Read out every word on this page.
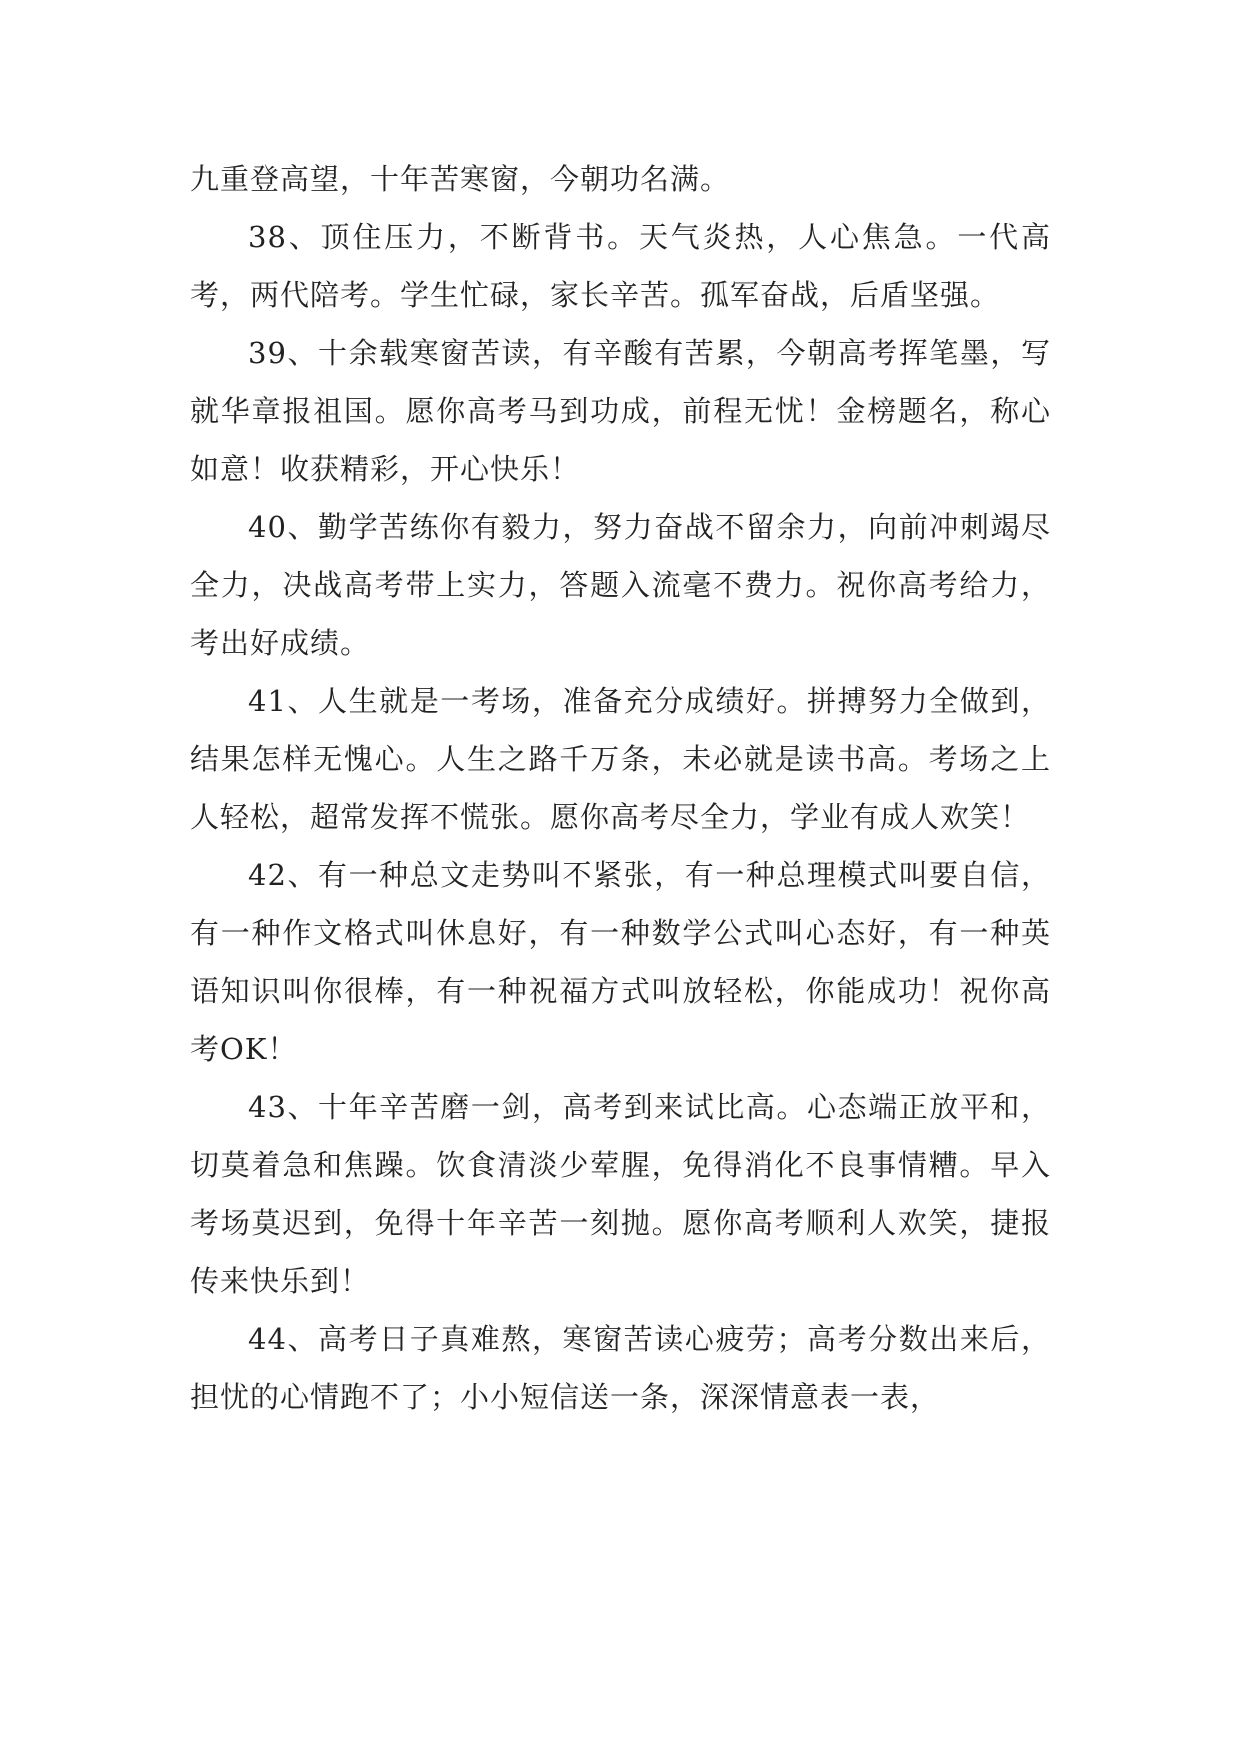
九重登高望，十年苦寒窗，今朝功名满。

38、顶住压力，不断背书。天气炎热，人心焦急。一代高考，两代陪考。学生忙碌，家长辛苦。孤军奋战，后盾坚强。

39、十余载寒窗苦读，有辛酸有苦累，今朝高考挥笔墨，写就华章报祖国。愿你高考马到功成，前程无忧！金榜题名，称心如意！收获精彩，开心快乐！

40、勤学苦练你有毅力，努力奋战不留余力，向前冲刺竭尽全力，决战高考带上实力，答题入流毫不费力。祝你高考给力，考出好成绩。

41、人生就是一考场，准备充分成绩好。拼搏努力全做到，结果怎样无愧心。人生之路千万条，未必就是读书高。考场之上人轻松，超常发挥不慌张。愿你高考尽全力，学业有成人欢笑！

42、有一种总文走势叫不紧张，有一种总理模式叫要自信，有一种作文格式叫休息好，有一种数学公式叫心态好，有一种英语知识叫你很棒，有一种祝福方式叫放轻松，你能成功！祝你高考OK！

43、十年辛苦磨一剑，高考到来试比高。心态端正放平和，切莫着急和焦躁。饮食清淡少荤腥，免得消化不良事情糟。早入考场莫迟到，免得十年辛苦一刻抛。愿你高考顺利人欢笑，捷报传来快乐到！

44、高考日子真难熬，寒窗苦读心疲劳；高考分数出来后，担忧的心情跑不了；小小短信送一条，深深情意表一表，
